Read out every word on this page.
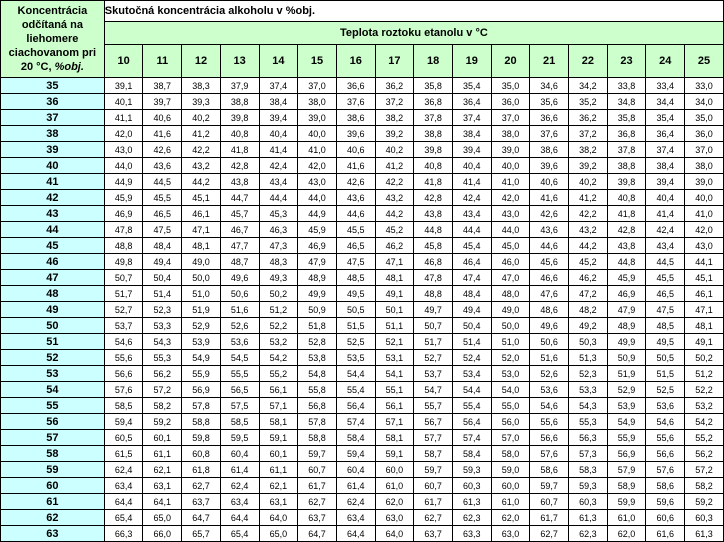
Koncentrácia
odčítaná na
liehomere
ciachovanom pri
20 °C, %obj.	Skutočná koncentrácia alkoholu v %obj.															
	Teplota roztoku etanolu v °C															
	10	11	12	13	14	15	16	17	18	19	20	21	22	23	24	25
35	39,1	38,7	38,3	37,9	37,4	37,0	36,6	36,2	35,8	35,4	35,0	34,6	34,2	33,8	33,4	33,0
36	40,1	39,7	39,3	38,8	38,4	38,0	37,6	37,2	36,8	36,4	36,0	35,6	35,2	34,8	34,4	34,0
37	41,1	40,6	40,2	39,8	39,4	39,0	38,6	38,2	37,8	37,4	37,0	36,6	36,2	35,8	35,4	35,0
38	42,0	41,6	41,2	40,8	40,4	40,0	39,6	39,2	38,8	38,4	38,0	37,6	37,2	36,8	36,4	36,0
39	43,0	42,6	42,2	41,8	41,4	41,0	40,6	40,2	39,8	39,4	39,0	38,6	38,2	37,8	37,4	37,0
40	44,0	43,6	43,2	42,8	42,4	42,0	41,6	41,2	40,8	40,4	40,0	39,6	39,2	38,8	38,4	38,0
41	44,9	44,5	44,2	43,8	43,4	43,0	42,6	42,2	41,8	41,4	41,0	40,6	40,2	39,8	39,4	39,0
42	45,9	45,5	45,1	44,7	44,4	44,0	43,6	43,2	42,8	42,4	42,0	41,6	41,2	40,8	40,4	40,0
43	46,9	46,5	46,1	45,7	45,3	44,9	44,6	44,2	43,8	43,4	43,0	42,6	42,2	41,8	41,4	41,0
44	47,8	47,5	47,1	46,7	46,3	45,9	45,5	45,2	44,8	44,4	44,0	43,6	43,2	42,8	42,4	42,0
45	48,8	48,4	48,1	47,7	47,3	46,9	46,5	46,2	45,8	45,4	45,0	44,6	44,2	43,8	43,4	43,0
46	49,8	49,4	49,0	48,7	48,3	47,9	47,5	47,1	46,8	46,4	46,0	45,6	45,2	44,8	44,5	44,1
47	50,7	50,4	50,0	49,6	49,3	48,9	48,5	48,1	47,8	47,4	47,0	46,6	46,2	45,9	45,5	45,1
48	51,7	51,4	51,0	50,6	50,2	49,9	49,5	49,1	48,8	48,4	48,0	47,6	47,2	46,9	46,5	46,1
49	52,7	52,3	51,9	51,6	51,2	50,9	50,5	50,1	49,7	49,4	49,0	48,6	48,2	47,9	47,5	47,1
50	53,7	53,3	52,9	52,6	52,2	51,8	51,5	51,1	50,7	50,4	50,0	49,6	49,2	48,9	48,5	48,1
51	54,6	54,3	53,9	53,6	53,2	52,8	52,5	52,1	51,7	51,4	51,0	50,6	50,3	49,9	49,5	49,1
52	55,6	55,3	54,9	54,5	54,2	53,8	53,5	53,1	52,7	52,4	52,0	51,6	51,3	50,9	50,5	50,2
53	56,6	56,2	55,9	55,5	55,2	54,8	54,4	54,1	53,7	53,4	53,0	52,6	52,3	51,9	51,5	51,2
54	57,6	57,2	56,9	56,5	56,1	55,8	55,4	55,1	54,7	54,4	54,0	53,6	53,3	52,9	52,5	52,2
55	58,5	58,2	57,8	57,5	57,1	56,8	56,4	56,1	55,7	55,4	55,0	54,6	54,3	53,9	53,6	53,2
56	59,4	59,2	58,8	58,5	58,1	57,8	57,4	57,1	56,7	56,4	56,0	55,6	55,3	54,9	54,6	54,2
57	60,5	60,1	59,8	59,5	59,1	58,8	58,4	58,1	57,7	57,4	57,0	56,6	56,3	55,9	55,6	55,2
58	61,5	61,1	60,8	60,4	60,1	59,7	59,4	59,1	58,7	58,4	58,0	57,6	57,3	56,9	56,6	56,2
59	62,4	62,1	61,8	61,4	61,1	60,7	60,4	60,0	59,7	59,3	59,0	58,6	58,3	57,9	57,6	57,2
60	63,4	63,1	62,7	62,4	62,1	61,7	61,4	61,0	60,7	60,3	60,0	59,7	59,3	58,9	58,6	58,2
61	64,4	64,1	63,7	63,4	63,1	62,7	62,4	62,0	61,7	61,3	61,0	60,7	60,3	59,9	59,6	59,2
62	65,4	65,0	64,7	64,4	64,0	63,7	63,4	63,0	62,7	62,3	62,0	61,7	61,3	61,0	60,6	60,3
63	66,3	66,0	65,7	65,4	65,0	64,7	64,4	64,0	63,7	63,3	63,0	62,7	62,3	62,0	61,6	61,3
